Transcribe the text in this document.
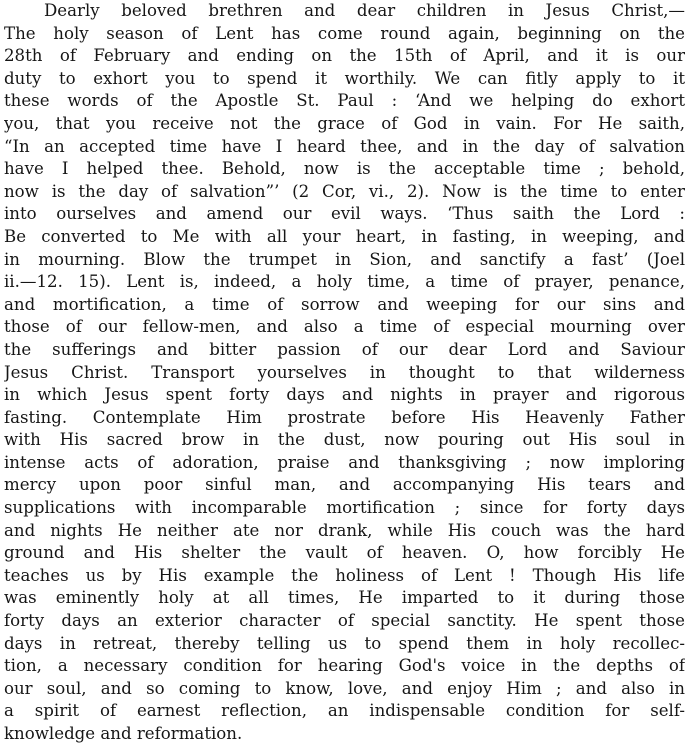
Dearly beloved brethren and dear children in Jesus Christ,—
The holy season of Lent has come round again, beginning on the
28th of February and ending on the 15th of April, and it is our
duty to exhort you to spend it worthily. We can fitly apply to it
these words of the Apostle St. Paul : ‘And we helping do exhort
you, that you receive not the grace of God in vain. For He saith,
“In an accepted time have I heard thee, and in the day of salvation
have I helped thee. Behold, now is the acceptable time ; behold,
now is the day of salvation”’ (2 Cor, vi., 2). Now is the time to enter
into ourselves and amend our evil ways. ‘Thus saith the Lord :
Be converted to Me with all your heart, in fasting, in weeping, and
in mourning. Blow the trumpet in Sion, and sanctify a fast’ (Joel
ii.—12. 15). Lent is, indeed, a holy time, a time of prayer, penance,
and mortification, a time of sorrow and weeping for our sins and
those of our fellow-men, and also a time of especial mourning over
the sufferings and bitter passion of our dear Lord and Saviour
Jesus Christ. Transport yourselves in thought to that wilderness
in which Jesus spent forty days and nights in prayer and rigorous
fasting. Contemplate Him prostrate before His Heavenly Father
with His sacred brow in the dust, now pouring out His soul in
intense acts of adoration, praise and thanksgiving ; now imploring
mercy upon poor sinful man, and accompanying His tears and
supplications with incomparable mortification ; since for forty days
and nights He neither ate nor drank, while His couch was the hard
ground and His shelter the vault of heaven. O, how forcibly He
teaches us by His example the holiness of Lent ! Though His life
was eminently holy at all times, He imparted to it during those
forty days an exterior character of special sanctity. He spent those
days in retreat, thereby telling us to spend them in holy recollec-
tion, a necessary condition for hearing God's voice in the depths of
our soul, and so coming to know, love, and enjoy Him ; and also in
a spirit of earnest reflection, an indispensable condition for self-
knowledge and reformation.
